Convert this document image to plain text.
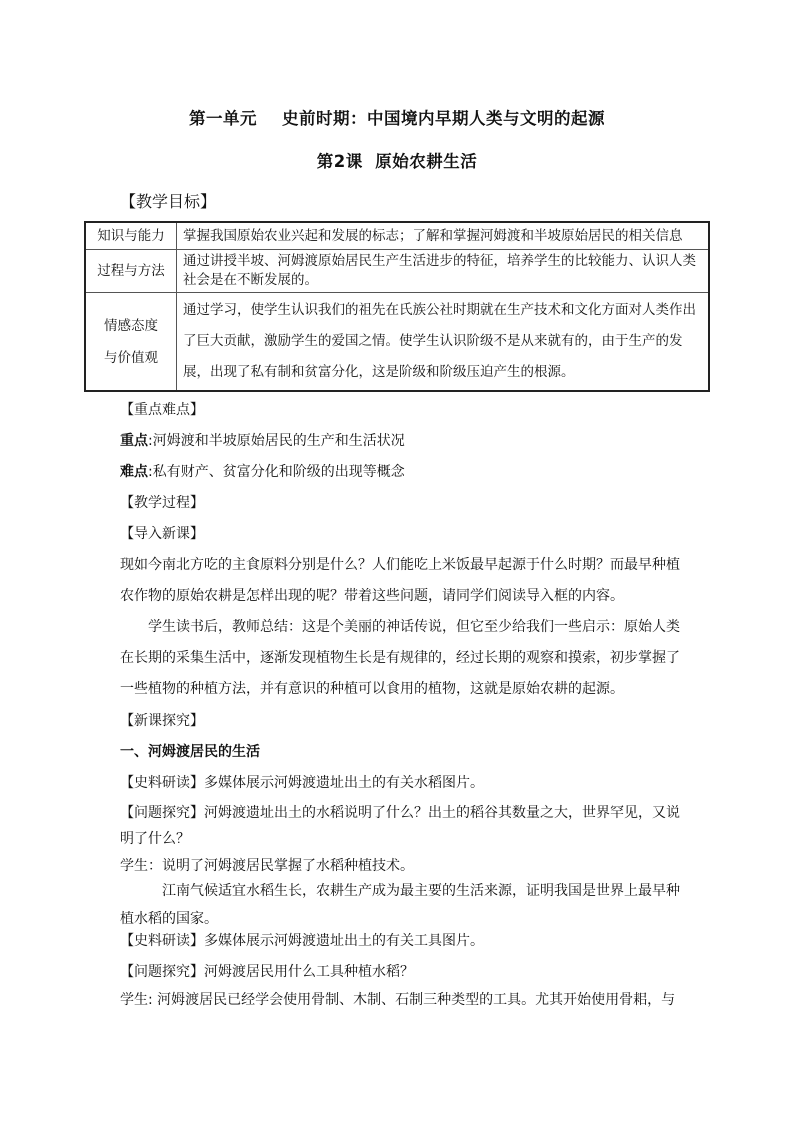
第一单元    史前时期：中国境内早期人类与文明的起源
第2课  原始农耕生活
【教学目标】
知识与能力	掌握我国原始农业兴起和发展的标志；了解和掌握河姆渡和半坡原始居民的相关信息
过程与方法	通过讲授半坡、河姆渡原始居民生产生活进步的特征，培养学生的比较能力、认识人类社会是在不断发展的。
情感态度
与价值观	通过学习，使学生认识我们的祖先在氏族公社时期就在生产技术和文化方面对人类作出了巨大贡献，激励学生的爱国之情。使学生认识阶级不是从来就有的，由于生产的发展，出现了私有制和贫富分化，这是阶级和阶级压迫产生的根源。
【重点难点】
重点:河姆渡和半坡原始居民的生产和生活状况
难点:私有财产、贫富分化和阶级的出现等概念
【教学过程】
【导入新课】
现如今南北方吃的主食原料分别是什么？人们能吃上米饭最早起源于什么时期？而最早种植农作物的原始农耕是怎样出现的呢？带着这些问题，请同学们阅读导入框的内容。
学生读书后，教师总结：这是个美丽的神话传说，但它至少给我们一些启示：原始人类在长期的采集生活中，逐渐发现植物生长是有规律的，经过长期的观察和摸索，初步掌握了一些植物的种植方法，并有意识的种植可以食用的植物，这就是原始农耕的起源。
【新课探究】
一、河姆渡居民的生活
【史料研读】多媒体展示河姆渡遗址出土的有关水稻图片。
【问题探究】河姆渡遗址出土的水稻说明了什么？出土的稻谷其数量之大，世界罕见，又说明了什么？
学生：说明了河姆渡居民掌握了水稻种植技术。
江南气候适宜水稻生长，农耕生产成为最主要的生活来源，证明我国是世界上最早种植水稻的国家。
【史料研读】多媒体展示河姆渡遗址出土的有关工具图片。
【问题探究】河姆渡居民用什么工具种植水稻？
学生: 河姆渡居民已经学会使用骨制、木制、石制三种类型的工具。尤其开始使用骨耜，与
